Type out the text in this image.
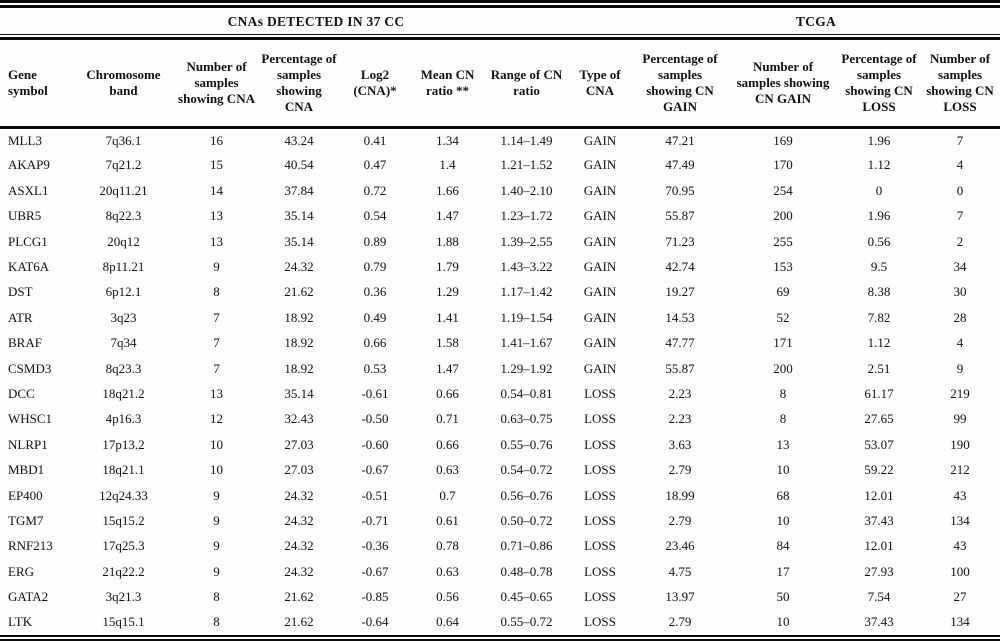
CNAs DETECTED IN 37 CC	TCGA
Gene symbol	Chromosome band	Number of samples showing CNA	Percentage of samples showing CNA	Log2 (CNA)*	Mean CN ratio **	Range of CN ratio	Type of CNA	Percentage of samples showing CN GAIN	Number of samples showing CN GAIN	Percentage of samples showing CN LOSS	Number of samples showing CN LOSS
MLL3	7q36.1	16	43.24	0.41	1.34	1.14–1.49	GAIN	47.21	169	1.96	7
AKAP9	7q21.2	15	40.54	0.47	1.4	1.21–1.52	GAIN	47.49	170	1.12	4
ASXL1	20q11.21	14	37.84	0.72	1.66	1.40–2.10	GAIN	70.95	254	0	0
UBR5	8q22.3	13	35.14	0.54	1.47	1.23–1.72	GAIN	55.87	200	1.96	7
PLCG1	20q12	13	35.14	0.89	1.88	1.39–2.55	GAIN	71.23	255	0.56	2
KAT6A	8p11.21	9	24.32	0.79	1.79	1.43–3.22	GAIN	42.74	153	9.5	34
DST	6p12.1	8	21.62	0.36	1.29	1.17–1.42	GAIN	19.27	69	8.38	30
ATR	3q23	7	18.92	0.49	1.41	1.19–1.54	GAIN	14.53	52	7.82	28
BRAF	7q34	7	18.92	0.66	1.58	1.41–1.67	GAIN	47.77	171	1.12	4
CSMD3	8q23.3	7	18.92	0.53	1.47	1.29–1.92	GAIN	55.87	200	2.51	9
DCC	18q21.2	13	35.14	-0.61	0.66	0.54–0.81	LOSS	2.23	8	61.17	219
WHSC1	4p16.3	12	32.43	-0.50	0.71	0.63–0.75	LOSS	2.23	8	27.65	99
NLRP1	17p13.2	10	27.03	-0.60	0.66	0.55–0.76	LOSS	3.63	13	53.07	190
MBD1	18q21.1	10	27.03	-0.67	0.63	0.54–0.72	LOSS	2.79	10	59.22	212
EP400	12q24.33	9	24.32	-0.51	0.7	0.56–0.76	LOSS	18.99	68	12.01	43
TGM7	15q15.2	9	24.32	-0.71	0.61	0.50–0.72	LOSS	2.79	10	37.43	134
RNF213	17q25.3	9	24.32	-0.36	0.78	0.71–0.86	LOSS	23.46	84	12.01	43
ERG	21q22.2	9	24.32	-0.67	0.63	0.48–0.78	LOSS	4.75	17	27.93	100
GATA2	3q21.3	8	21.62	-0.85	0.56	0.45–0.65	LOSS	13.97	50	7.54	27
LTK	15q15.1	8	21.62	-0.64	0.64	0.55–0.72	LOSS	2.79	10	37.43	134
